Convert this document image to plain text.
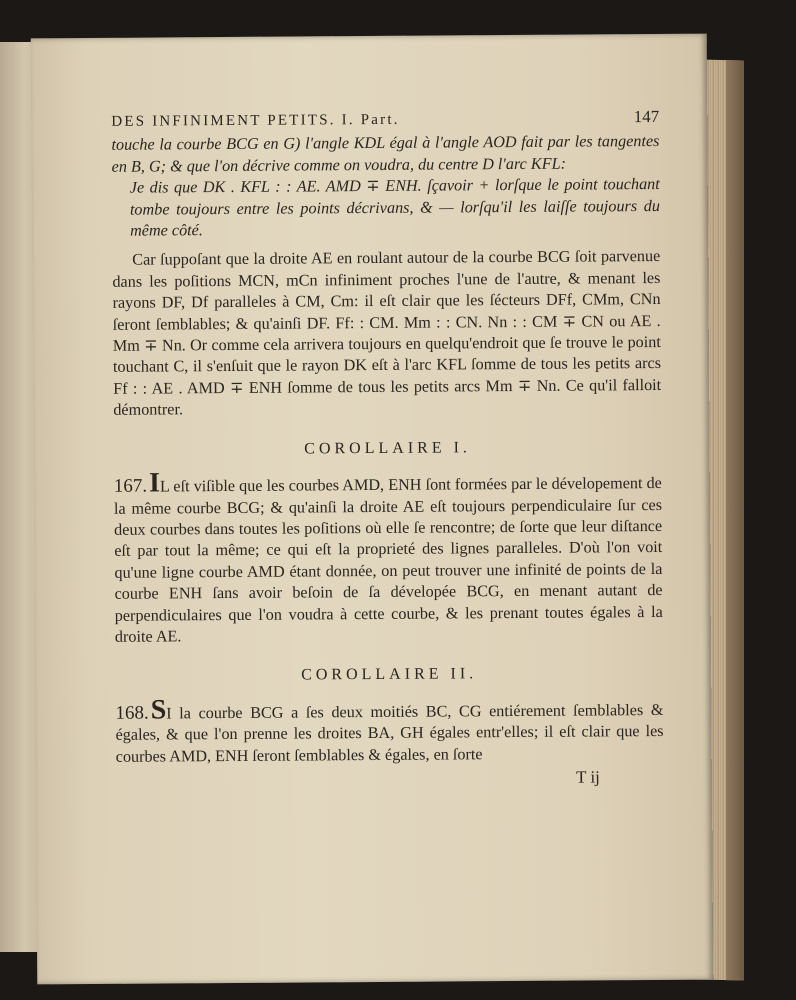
DES INFINIMENT PETITS. I. Part.	147

touche la courbe BCG en G) l'angle KDL égal à l'angle AOD fait par les tangentes en B, G; & que l'on décrive comme on voudra, du centre D l'arc KFL:

Je dis que DK . KFL : : AE. AMD ∓ ENH. ſçavoir + lorſque le point touchant tombe toujours entre les points décrivans, & — lorſqu'il les laiſſe toujours du même côté.

Car ſuppoſant que la droite AE en roulant autour de la courbe BCG ſoit parvenue dans les poſitions MCN, mCn infiniment proches l'une de l'autre, & menant les rayons DF, Df paralleles à CM, Cm: il eſt clair que les ſécteurs DFf, CMm, CNn ſeront ſemblables; & qu'ainſi DF. Ff: : CM. Mm : : CN. Nn : : CM ∓ CN ou AE . Mm ∓ Nn. Or comme cela arrivera toujours en quelqu'endroit que ſe trouve le point touchant C, il s'enſuit que le rayon DK eſt à l'arc KFL ſomme de tous les petits arcs Ff : : AE . AMD ∓ ENH ſomme de tous les petits arcs Mm ∓ Nn. Ce qu'il falloit démontrer.

COROLLAIRE I.

167.IL eſt viſible que les courbes AMD, ENH ſont formées par le dévelopement de la même courbe BCG; & qu'ainſi la droite AE eſt toujours perpendiculaire ſur ces deux courbes dans toutes les poſitions où elle ſe rencontre; de ſorte que leur diſtance eſt par tout la même; ce qui eſt la proprieté des lignes paralleles. D'où l'on voit qu'une ligne courbe AMD étant donnée, on peut trouver une infinité de points de la courbe ENH ſans avoir beſoin de ſa dévelopée BCG, en menant autant de perpendiculaires que l'on voudra à cette courbe, & les prenant toutes égales à la droite AE.

COROLLAIRE II.

168.SI la courbe BCG a ſes deux moitiés BC, CG entiérement ſemblables & égales, & que l'on prenne les droites BA, GH égales entr'elles; il eſt clair que les courbes AMD, ENH ſeront ſemblables & égales, en ſorte

T ij
